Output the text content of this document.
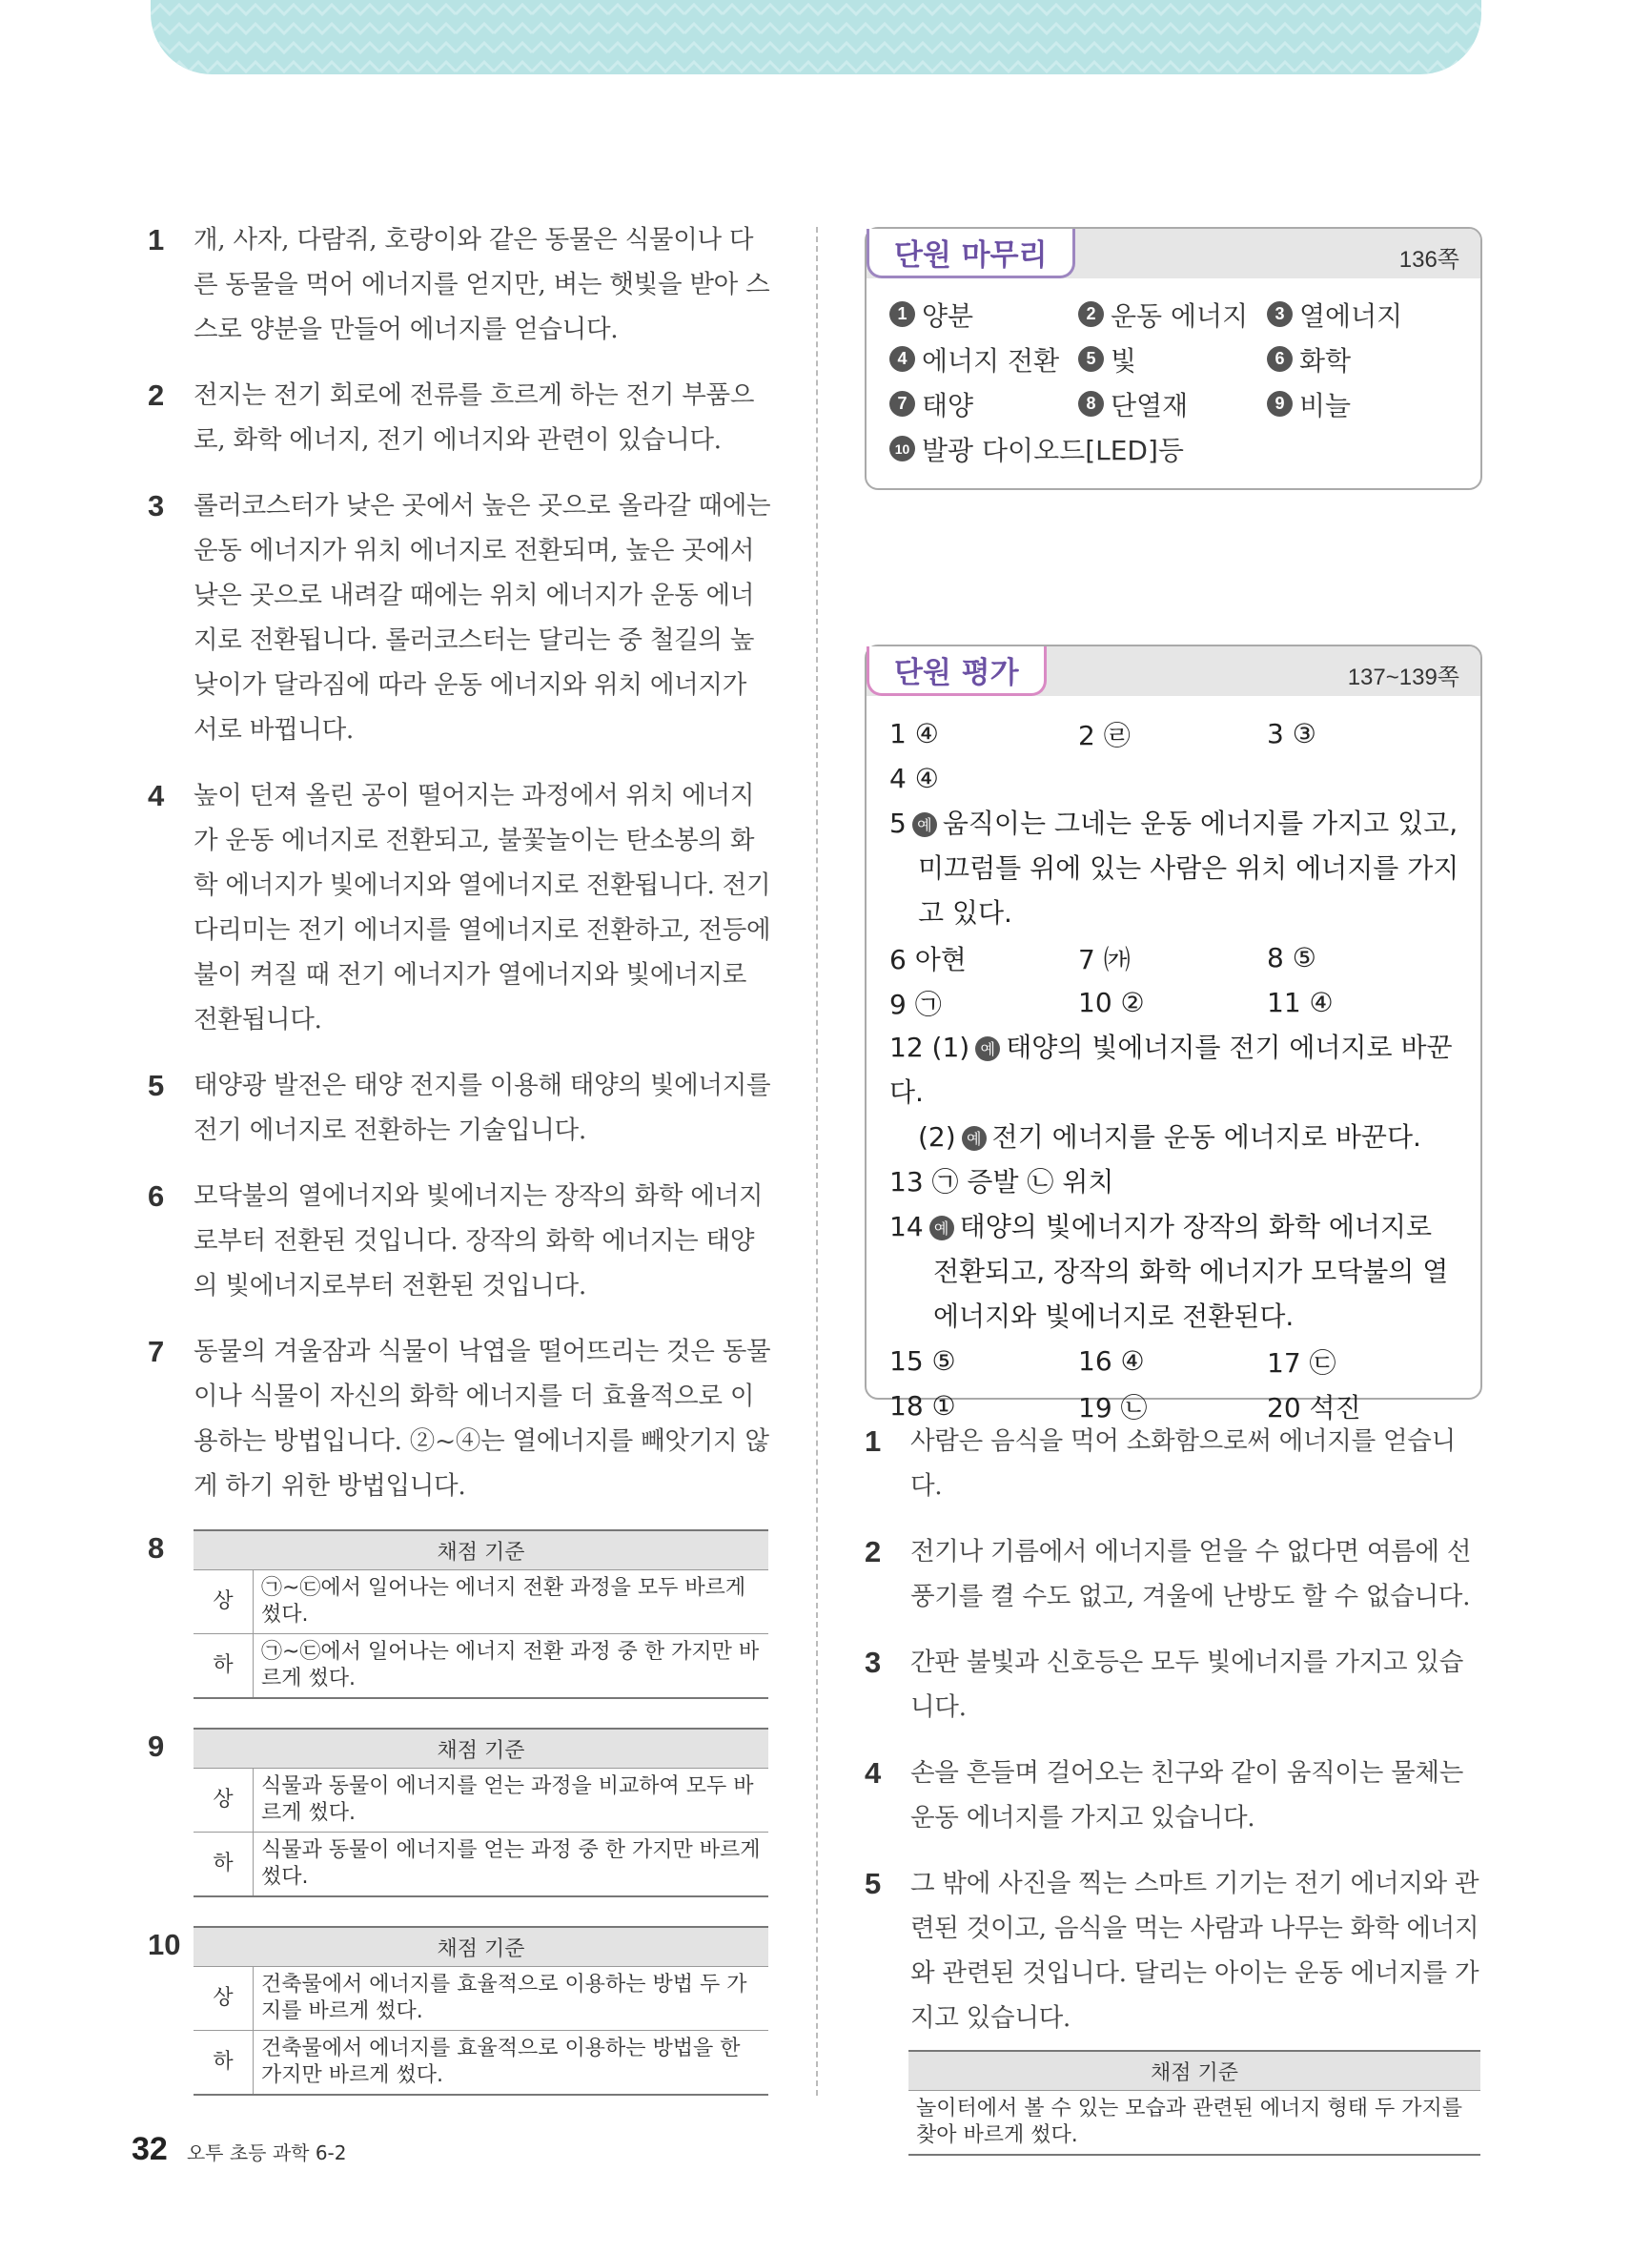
1	개, 사자, 다람쥐, 호랑이와 같은 동물은 식물이나 다른 동물을 먹어 에너지를 얻지만, 벼는 햇빛을 받아 스스로 양분을 만들어 에너지를 얻습니다.
2	전지는 전기 회로에 전류를 흐르게 하는 전기 부품으로, 화학 에너지, 전기 에너지와 관련이 있습니다.
3	롤러코스터가 낮은 곳에서 높은 곳으로 올라갈 때에는 운동 에너지가 위치 에너지로 전환되며, 높은 곳에서 낮은 곳으로 내려갈 때에는 위치 에너지가 운동 에너지로 전환됩니다. 롤러코스터는 달리는 중 철길의 높낮이가 달라짐에 따라 운동 에너지와 위치 에너지가 서로 바뀝니다.
4	높이 던져 올린 공이 떨어지는 과정에서 위치 에너지가 운동 에너지로 전환되고, 불꽃놀이는 탄소봉의 화학 에너지가 빛에너지와 열에너지로 전환됩니다. 전기다리미는 전기 에너지를 열에너지로 전환하고, 전등에 불이 켜질 때 전기 에너지가 열에너지와 빛에너지로 전환됩니다.
5	태양광 발전은 태양 전지를 이용해 태양의 빛에너지를 전기 에너지로 전환하는 기술입니다.
6	모닥불의 열에너지와 빛에너지는 장작의 화학 에너지로부터 전환된 것입니다. 장작의 화학 에너지는 태양의 빛에너지로부터 전환된 것입니다.
7	동물의 겨울잠과 식물이 낙엽을 떨어뜨리는 것은 동물이나 식물이 자신의 화학 에너지를 더 효율적으로 이용하는 방법입니다. ②~④는 열에너지를 빼앗기지 않게 하기 위한 방법입니다.
8	채점 기준	
상	㉠~㉢에서 일어나는 에너지 전환 과정을 모두 바르게 썼다.
하	㉠~㉢에서 일어나는 에너지 전환 과정 중 한 가지만 바르게 썼다.
9	채점 기준	
상	식물과 동물이 에너지를 얻는 과정을 비교하여 모두 바르게 썼다.
하	식물과 동물이 에너지를 얻는 과정 중 한 가지만 바르게 썼다.
10	채점 기준	
상	건축물에서 에너지를 효율적으로 이용하는 방법 두 가지를 바르게 썼다.
하	건축물에서 에너지를 효율적으로 이용하는 방법을 한 가지만 바르게 썼다.
단원 마무리	136쪽
1 양분	2 운동 에너지	3 열에너지
4 에너지 전환	5 빛	6 화학
7 태양	8 단열재	9 비늘
10 발광 다이오드[LED]등
단원 평가	137~139쪽
1 ④	2 ㉣	3 ③
4 ④
5 예 움직이는 그네는 운동 에너지를 가지고 있고,
미끄럼틀 위에 있는 사람은 위치 에너지를 가지
고 있다.
6 아현	7 ㈎	8 ⑤
9 ㉠	10 ②	11 ④
12 (1) 예 태양의 빛에너지를 전기 에너지로 바꾼다.
(2) 예 전기 에너지를 운동 에너지로 바꾼다.
13 ㉠ 증발 ㉡ 위치
14 예 태양의 빛에너지가 장작의 화학 에너지로
전환되고, 장작의 화학 에너지가 모닥불의 열
에너지와 빛에너지로 전환된다.
15 ⑤	16 ④	17 ㉢
18 ①	19 ㉡	20 석진
1	사람은 음식을 먹어 소화함으로써 에너지를 얻습니다.
2	전기나 기름에서 에너지를 얻을 수 없다면 여름에 선풍기를 켤 수도 없고, 겨울에 난방도 할 수 없습니다.
3	간판 불빛과 신호등은 모두 빛에너지를 가지고 있습니다.
4	손을 흔들며 걸어오는 친구와 같이 움직이는 물체는 운동 에너지를 가지고 있습니다.
5	그 밖에 사진을 찍는 스마트 기기는 전기 에너지와 관련된 것이고, 음식을 먹는 사람과 나무는 화학 에너지와 관련된 것입니다. 달리는 아이는 운동 에너지를 가지고 있습니다.
채점 기준
놀이터에서 볼 수 있는 모습과 관련된 에너지 형태 두 가지를 찾아 바르게 썼다.
32 오투 초등 과학 6-2
